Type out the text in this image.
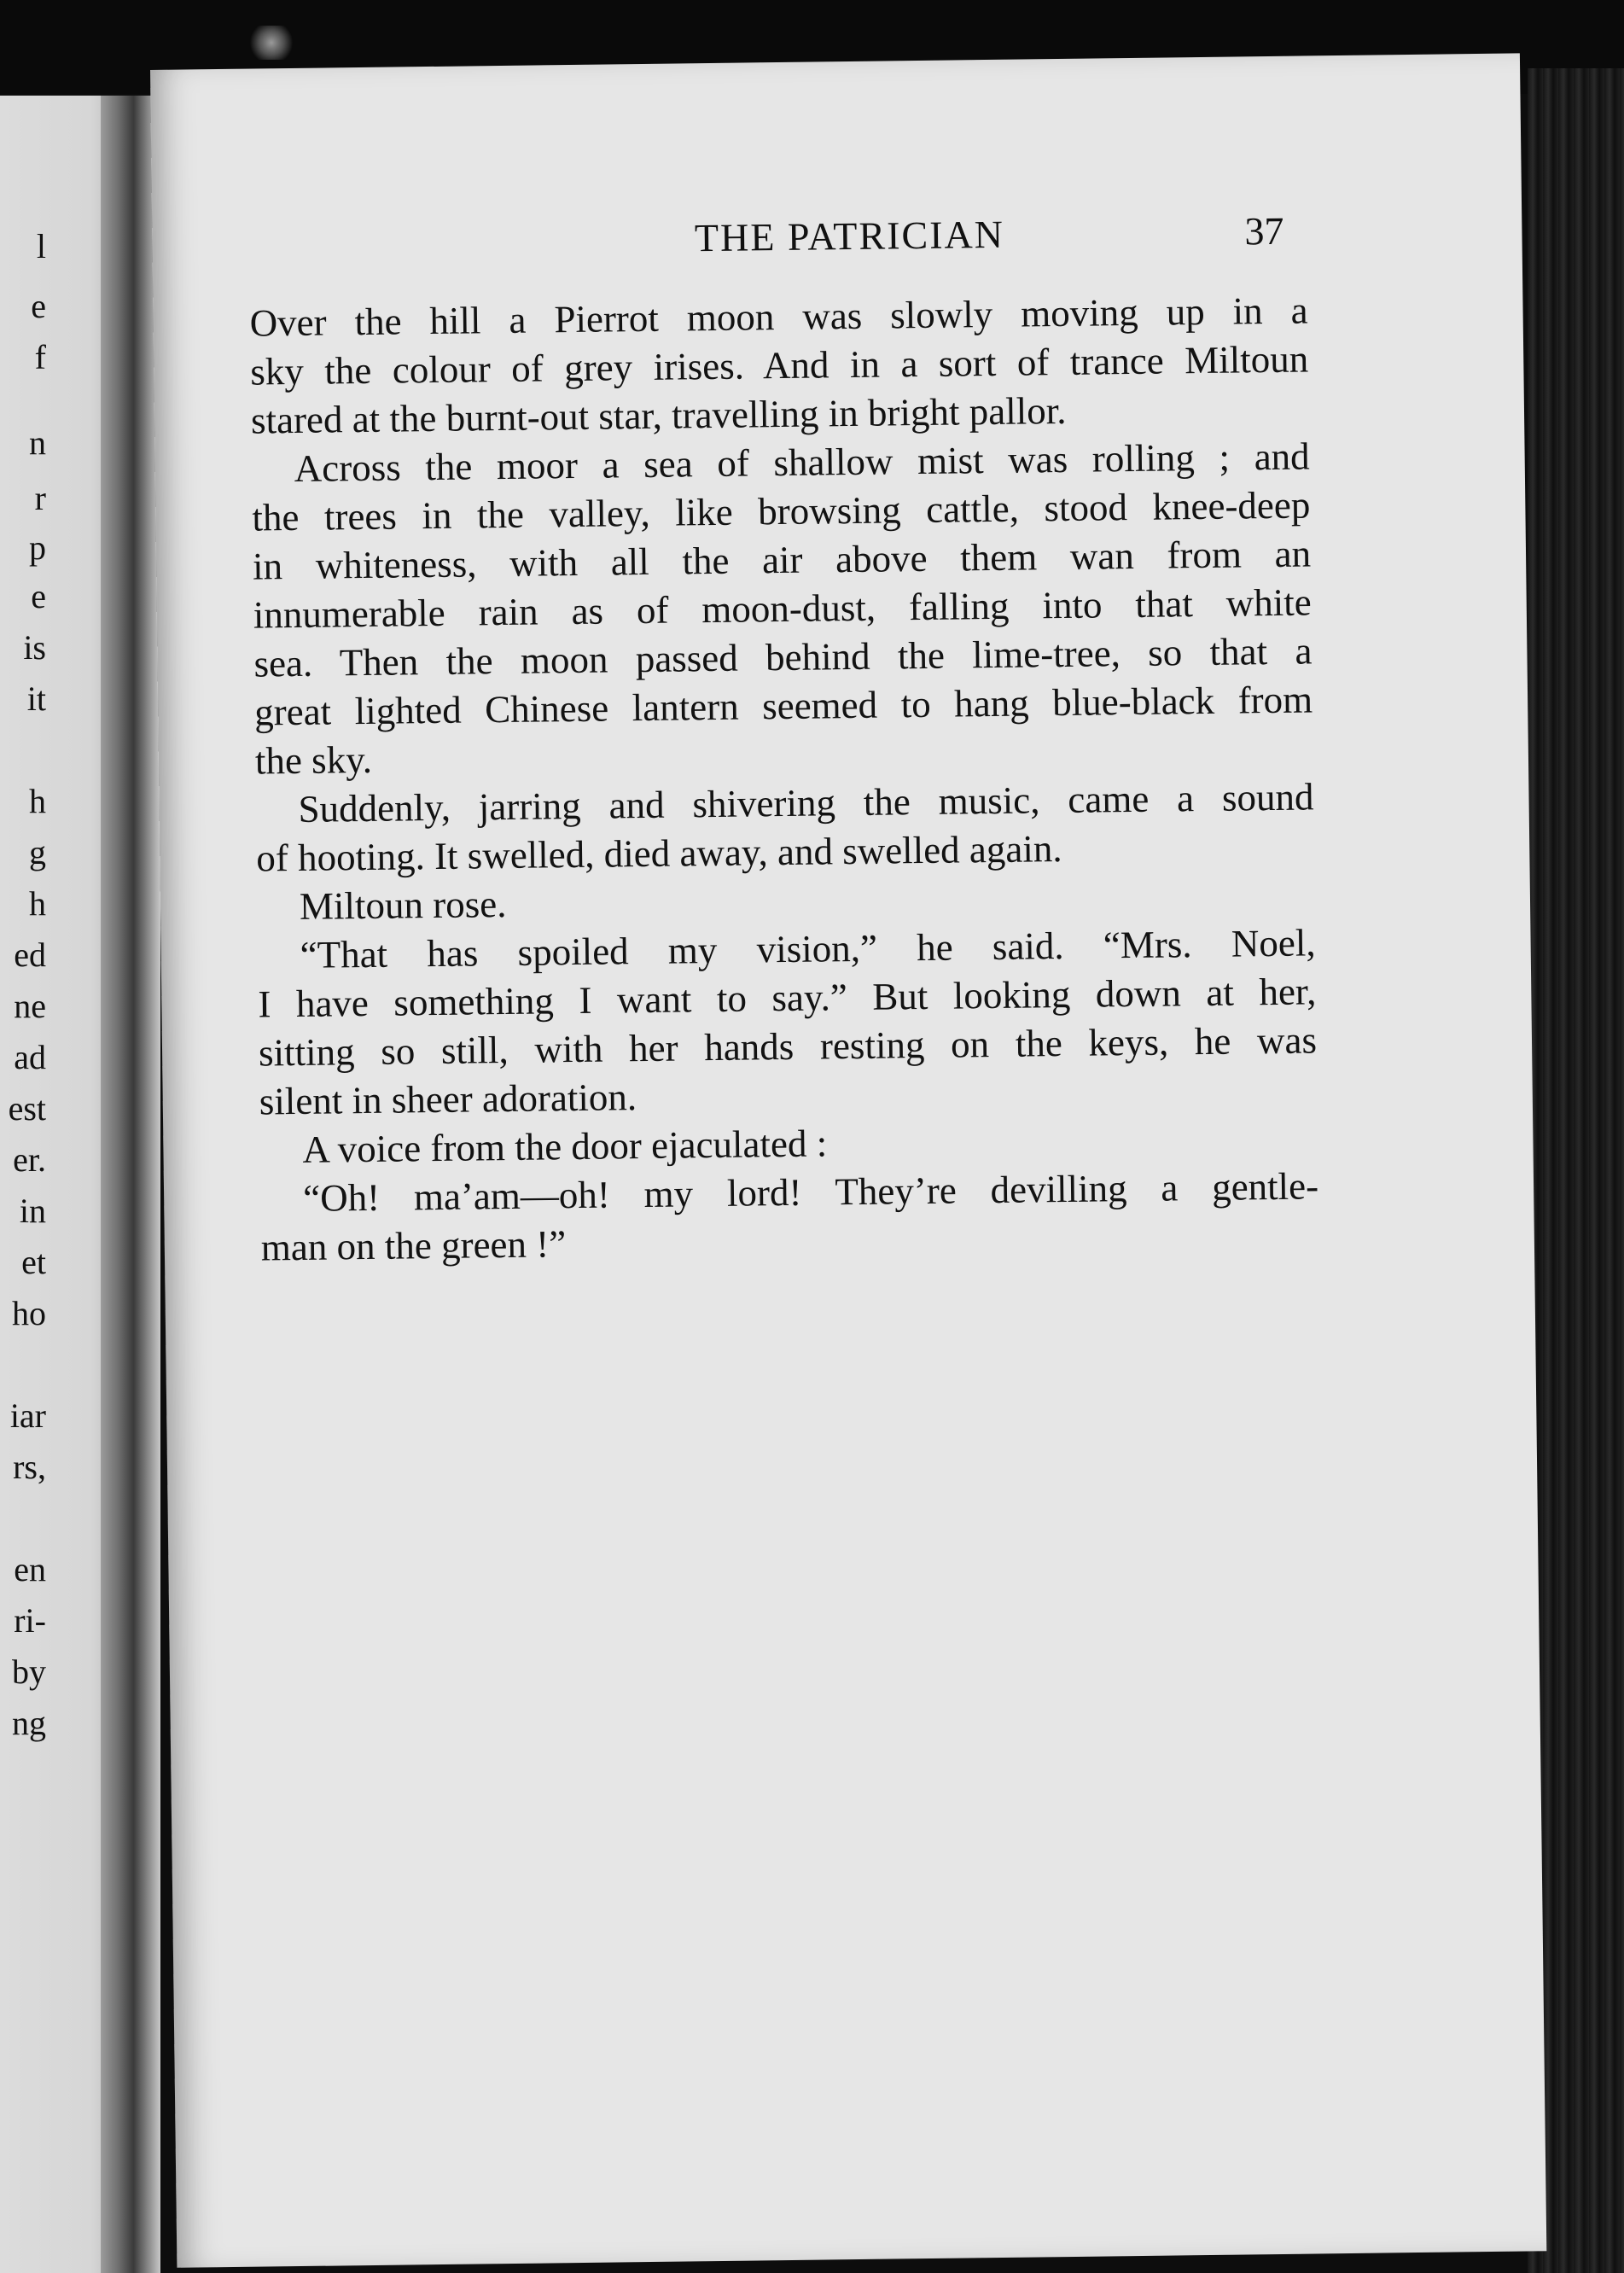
l
e
f
n
r
p
e
is
it
h
g
h
ed
ne
ad
est
er.
in
et
ho
iar
rs,
en
ri-
by
ng
THE PATRICIAN	37
Over the hill a Pierrot moon was slowly moving up in a
sky the colour of grey irises. And in a sort of trance Miltoun
stared at the burnt-out star, travelling in bright pallor.
Across the moor a sea of shallow mist was rolling ; and
the trees in the valley, like browsing cattle, stood knee-deep
in whiteness, with all the air above them wan from an
innumerable rain as of moon-dust, falling into that white
sea. Then the moon passed behind the lime-tree, so that a
great lighted Chinese lantern seemed to hang blue-black from
the sky.
Suddenly, jarring and shivering the music, came a sound
of hooting. It swelled, died away, and swelled again.
Miltoun rose.
“That has spoiled my vision,” he said. “Mrs. Noel,
I have something I want to say.” But looking down at her,
sitting so still, with her hands resting on the keys, he was
silent in sheer adoration.
A voice from the door ejaculated :
“Oh! ma’am—oh! my lord! They’re devilling a gentle-
man on the green !”
